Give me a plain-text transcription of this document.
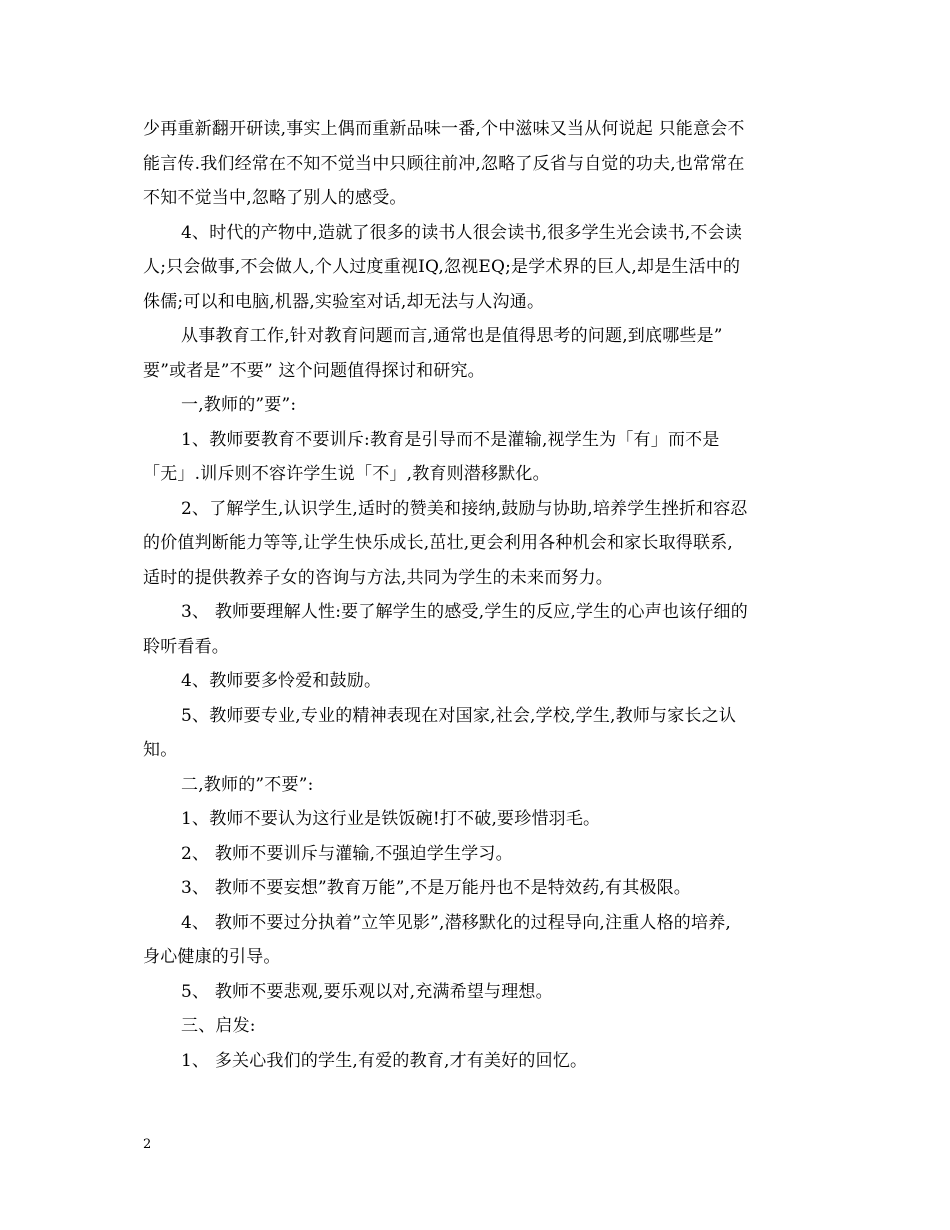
少再重新翻开研读,事实上偶而重新品味一番,个中滋味又当从何说起 只能意会不

能言传.我们经常在不知不觉当中只顾往前冲,忽略了反省与自觉的功夫,也常常在

不知不觉当中,忽略了别人的感受。

4、时代的产物中,造就了很多的读书人很会读书,很多学生光会读书,不会读

人;只会做事,不会做人,个人过度重视IQ,忽视EQ;是学术界的巨人,却是生活中的

侏儒;可以和电脑,机器,实验室对话,却无法与人沟通。

从事教育工作,针对教育问题而言,通常也是值得思考的问题,到底哪些是”

要”或者是”不要” 这个问题值得探讨和研究。

一,教师的”要”:

1、教师要教育不要训斥:教育是引导而不是灌输,视学生为「有」而不是

「无」.训斥则不容许学生说「不」,教育则潜移默化。

2、了解学生,认识学生,适时的赞美和接纳,鼓励与协助,培养学生挫折和容忍

的价值判断能力等等,让学生快乐成长,茁壮,更会利用各种机会和家长取得联系,

适时的提供教养子女的咨询与方法,共同为学生的未来而努力。

3、 教师要理解人性:要了解学生的感受,学生的反应,学生的心声也该仔细的

聆听看看。

4、教师要多怜爱和鼓励。

5、教师要专业,专业的精神表现在对国家,社会,学校,学生,教师与家长之认

知。

二,教师的”不要”:

1、教师不要认为这行业是铁饭碗!打不破,要珍惜羽毛。

2、 教师不要训斥与灌输,不强迫学生学习。

3、 教师不要妄想”教育万能”,不是万能丹也不是特效药,有其极限。

4、 教师不要过分执着”立竿见影”,潜移默化的过程导向,注重人格的培养,

身心健康的引导。

5、 教师不要悲观,要乐观以对,充满希望与理想。

三、启发:

1、 多关心我们的学生,有爱的教育,才有美好的回忆。

2
